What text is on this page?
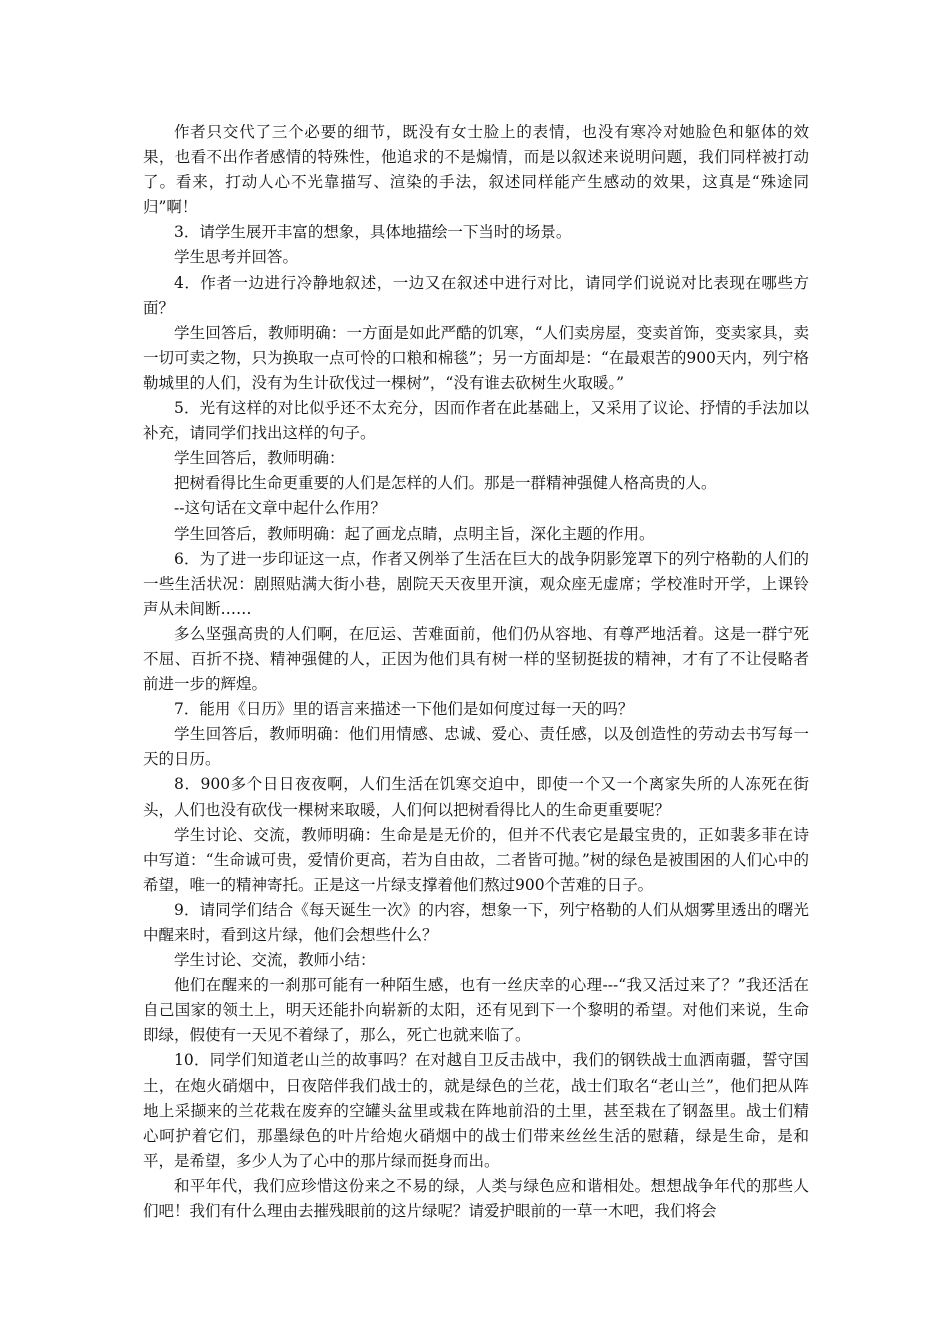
作者只交代了三个必要的细节，既没有女士脸上的表情，也没有寒冷对她脸色和躯体的效果，也看不出作者感情的特殊性，他追求的不是煽情，而是以叙述来说明问题，我们同样被打动了。看来，打动人心不光靠描写、渲染的手法，叙述同样能产生感动的效果，这真是“殊途同归”啊！

3．请学生展开丰富的想象，具体地描绘一下当时的场景。

学生思考并回答。

4．作者一边进行冷静地叙述，一边又在叙述中进行对比，请同学们说说对比表现在哪些方面？

学生回答后，教师明确：一方面是如此严酷的饥寒，“人们卖房屋，变卖首饰，变卖家具，卖一切可卖之物，只为换取一点可怜的口粮和棉毯”；另一方面却是：“在最艰苦的900天内，列宁格勒城里的人们，没有为生计砍伐过一棵树”，“没有谁去砍树生火取暖。”

5．光有这样的对比似乎还不太充分，因而作者在此基础上，又采用了议论、抒情的手法加以补充，请同学们找出这样的句子。

学生回答后，教师明确：

把树看得比生命更重要的人们是怎样的人们。那是一群精神强健人格高贵的人。

--这句话在文章中起什么作用？

学生回答后，教师明确：起了画龙点睛，点明主旨，深化主题的作用。

6．为了进一步印证这一点，作者又例举了生活在巨大的战争阴影笼罩下的列宁格勒的人们的一些生活状况：剧照贴满大街小巷，剧院天天夜里开演，观众座无虚席；学校准时开学，上课铃声从未间断……

多么坚强高贵的人们啊，在厄运、苦难面前，他们仍从容地、有尊严地活着。这是一群宁死不屈、百折不挠、精神强健的人，正因为他们具有树一样的坚韧挺拔的精神，才有了不让侵略者前进一步的辉煌。

7．能用《日历》里的语言来描述一下他们是如何度过每一天的吗？

学生回答后，教师明确：他们用情感、忠诚、爱心、责任感，以及创造性的劳动去书写每一天的日历。

8．900多个日日夜夜啊，人们生活在饥寒交迫中，即使一个又一个离家失所的人冻死在街头，人们也没有砍伐一棵树来取暖，人们何以把树看得比人的生命更重要呢？

学生讨论、交流，教师明确：生命是是无价的，但并不代表它是最宝贵的，正如裴多菲在诗中写道：“生命诚可贵，爱情价更高，若为自由故，二者皆可抛。”树的绿色是被围困的人们心中的希望，唯一的精神寄托。正是这一片绿支撑着他们熬过900个苦难的日子。

9．请同学们结合《每天诞生一次》的内容，想象一下，列宁格勒的人们从烟雾里透出的曙光中醒来时，看到这片绿，他们会想些什么？

学生讨论、交流，教师小结：

他们在醒来的一刹那可能有一种陌生感，也有一丝庆幸的心理---“我又活过来了？”我还活在自己国家的领土上，明天还能扑向崭新的太阳，还有见到下一个黎明的希望。对他们来说，生命即绿，假使有一天见不着绿了，那么，死亡也就来临了。

10．同学们知道老山兰的故事吗？在对越自卫反击战中，我们的钢铁战士血洒南疆，誓守国土，在炮火硝烟中，日夜陪伴我们战士的，就是绿色的兰花，战士们取名“老山兰”，他们把从阵地上采撷来的兰花栽在废弃的空罐头盆里或栽在阵地前沿的土里，甚至栽在了钢盔里。战士们精心呵护着它们，那墨绿色的叶片给炮火硝烟中的战士们带来丝丝生活的慰藉，绿是生命，是和平，是希望，多少人为了心中的那片绿而挺身而出。

和平年代，我们应珍惜这份来之不易的绿，人类与绿色应和谐相处。想想战争年代的那些人们吧！我们有什么理由去摧残眼前的这片绿呢？请爱护眼前的一草一木吧，我们将会
